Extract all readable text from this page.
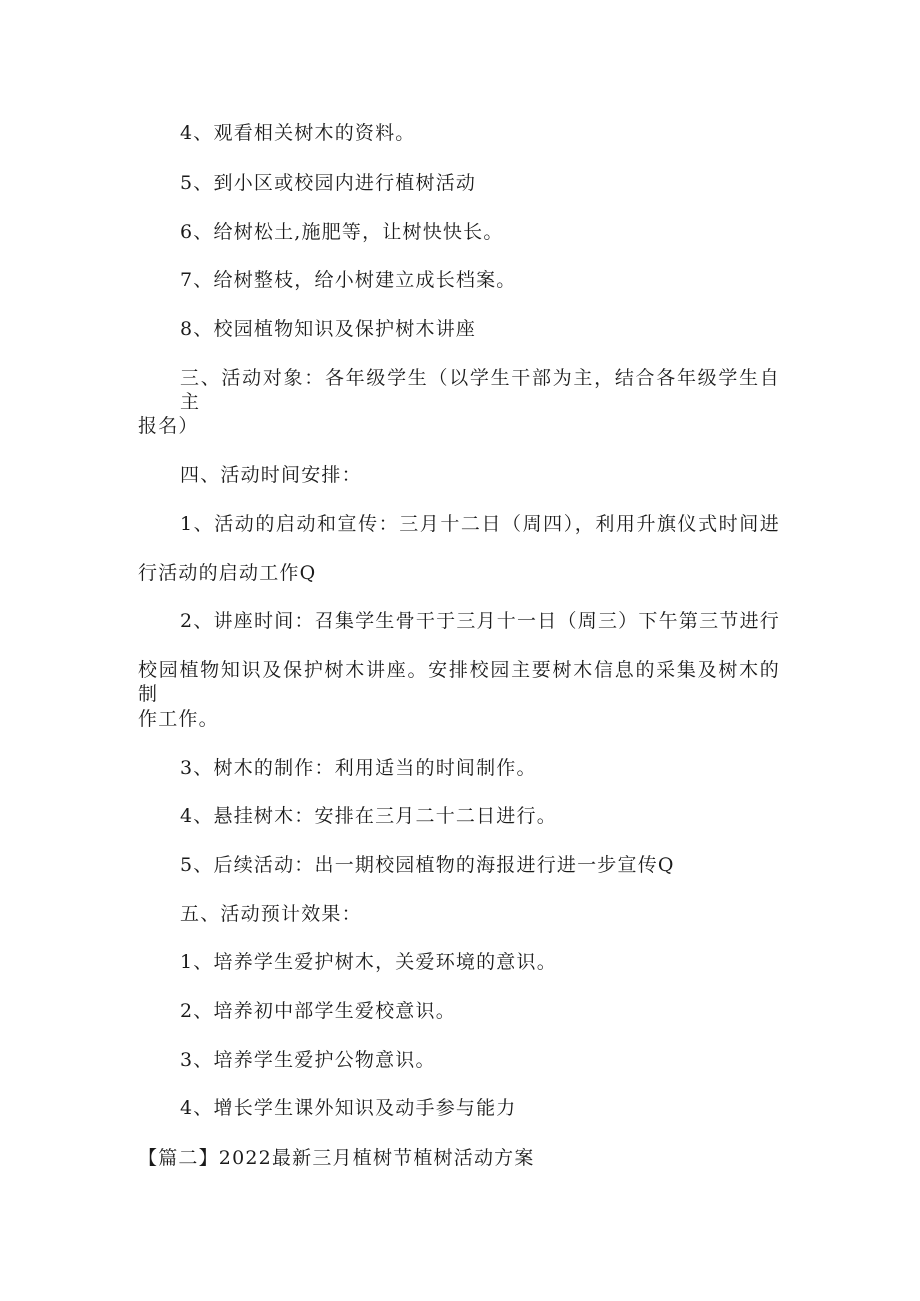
4、观看相关树木的资料。
5、到小区或校园内进行植树活动
6、给树松土,施肥等，让树快快长。
7、给树整枝，给小树建立成长档案。
8、校园植物知识及保护树木讲座
三、活动对象：各年级学生（以学生干部为主，结合各年级学生自主
报名）
四、活动时间安排：
1、活动的启动和宣传：三月十二日（周四），利用升旗仪式时间进
行活动的启动工作Q
2、讲座时间：召集学生骨干于三月十一日（周三）下午第三节进行
校园植物知识及保护树木讲座。安排校园主要树木信息的采集及树木的制
作工作。
3、树木的制作：利用适当的时间制作。
4、悬挂树木：安排在三月二十二日进行。
5、后续活动：出一期校园植物的海报进行进一步宣传Q
五、活动预计效果：
1、培养学生爱护树木，关爱环境的意识。
2、培养初中部学生爱校意识。
3、培养学生爱护公物意识。
4、增长学生课外知识及动手参与能力
【篇二】2022最新三月植树节植树活动方案
